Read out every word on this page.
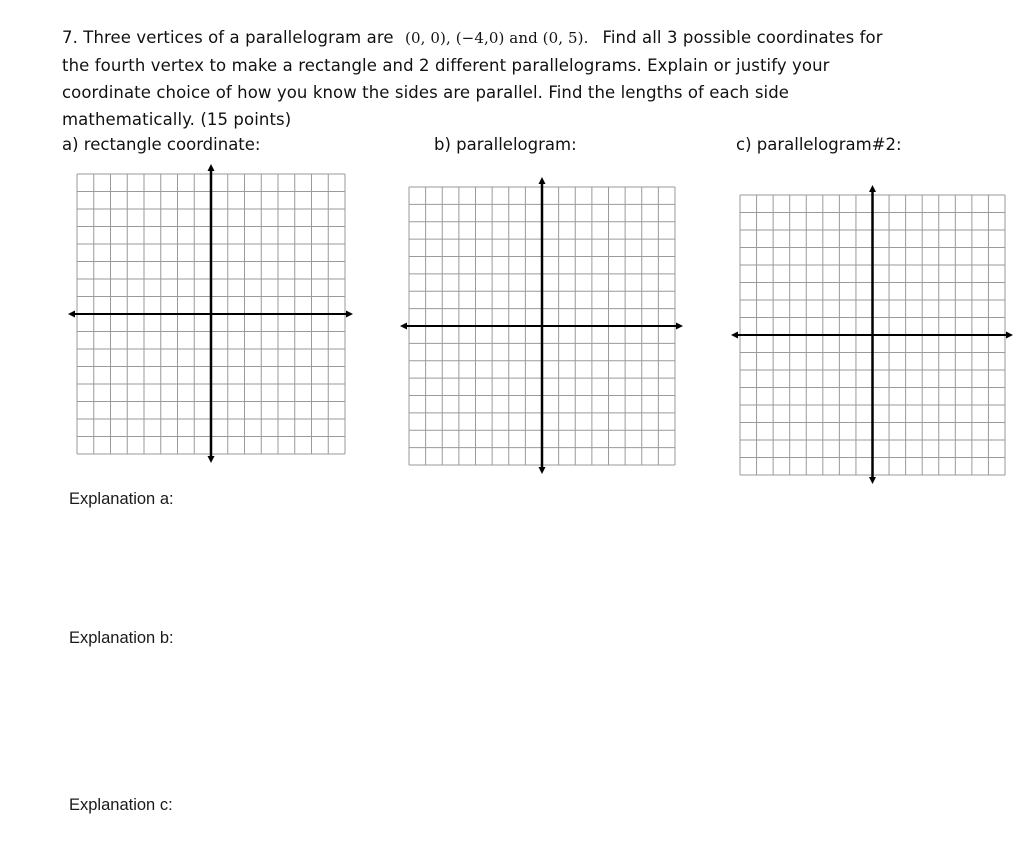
7. Three vertices of a parallelogram are (0, 0), (−4,0) and (0, 5). Find all 3 possible coordinates for

the fourth vertex to make a rectangle and 2 different parallelograms. Explain or justify your

coordinate choice of how you know the sides are parallel. Find the lengths of each side

mathematically. (15 points)

a) rectangle coordinate:	b) parallelogram:	c) parallelogram#2:
Explanation a:
Explanation b:
Explanation c:
